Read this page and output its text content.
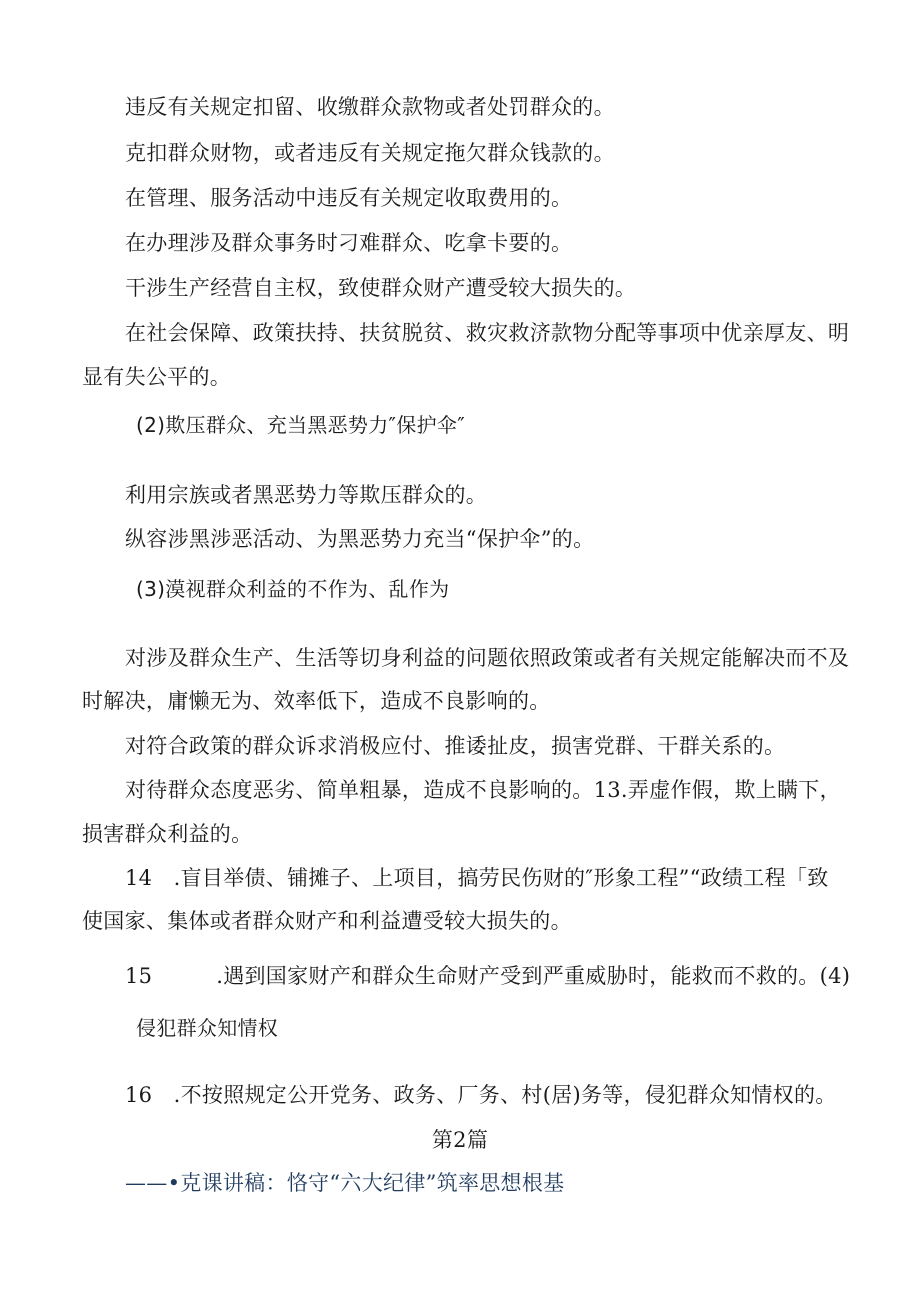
违反有关规定扣留、收缴群众款物或者处罚群众的。
克扣群众财物，或者违反有关规定拖欠群众钱款的。
在管理、服务活动中违反有关规定收取费用的。
在办理涉及群众事务时刁难群众、吃拿卡要的。
干涉生产经营自主权，致使群众财产遭受较大损失的。
在社会保障、政策扶持、扶贫脱贫、救灾救济款物分配等事项中优亲厚友、明
显有失公平的。
(2)欺压群众、充当黑恶势力″保护伞″
利用宗族或者黑恶势力等欺压群众的。
纵容涉黑涉恶活动、为黑恶势力充当“保护伞”的。
(3)漠视群众利益的不作为、乱作为
对涉及群众生产、生活等切身利益的问题依照政策或者有关规定能解决而不及
时解决，庸懒无为、效率低下，造成不良影响的。
对符合政策的群众诉求消极应付、推诿扯皮，损害党群、干群关系的。
对待群众态度恶劣、简单粗暴，造成不良影响的。13.弄虚作假，欺上瞒下，
损害群众利益的。
14　.盲目举债、铺摊子、上项目，搞劳民伤财的″形象工程”“政绩工程「致
使国家、集体或者群众财产和利益遭受较大损失的。
15　　　.遇到国家财产和群众生命财产受到严重威胁时，能救而不救的。(4)
侵犯群众知情权
16　.不按照规定公开党务、政务、厂务、村(居)务等，侵犯群众知情权的。
第2篇
——•克课讲稿：恪守“六大纪律”筑率思想根基
